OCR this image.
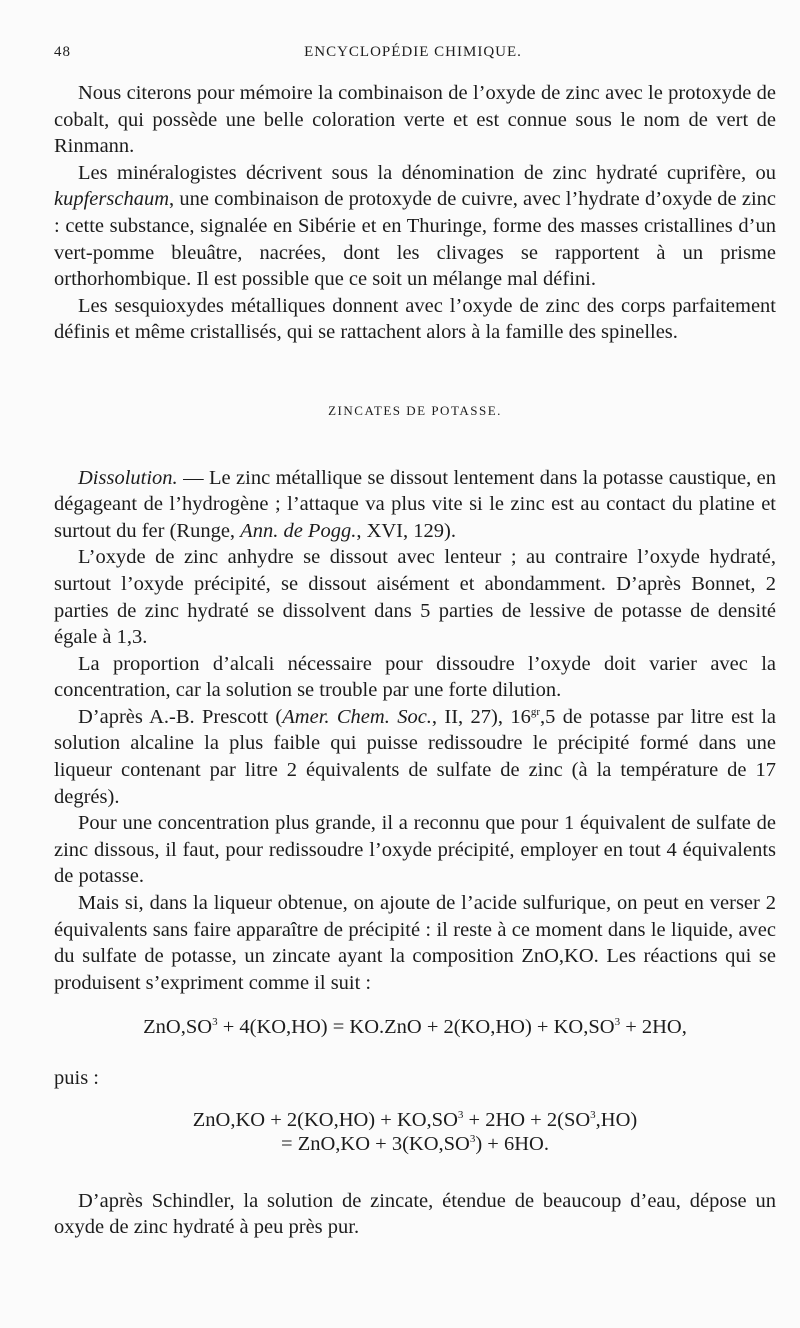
48	ENCYCLOPÉDIE CHIMIQUE.

Nous citerons pour mémoire la combinaison de l’oxyde de zinc avec le protoxyde de cobalt, qui possède une belle coloration verte et est connue sous le nom de vert de Rinmann.

Les minéralogistes décrivent sous la dénomination de zinc hydraté cuprifère, ou kupferschaum, une combinaison de protoxyde de cuivre, avec l’hydrate d’oxyde de zinc : cette substance, signalée en Sibérie et en Thuringe, forme des masses cristallines d’un vert-pomme bleuâtre, nacrées, dont les clivages se rapportent à un prisme orthorhombique. Il est possible que ce soit un mélange mal défini.

Les sesquioxydes métalliques donnent avec l’oxyde de zinc des corps parfaitement définis et même cristallisés, qui se rattachent alors à la famille des spinelles.

ZINCATES DE POTASSE.

Dissolution. — Le zinc métallique se dissout lentement dans la potasse caustique, en dégageant de l’hydrogène ; l’attaque va plus vite si le zinc est au contact du platine et surtout du fer (Runge, Ann. de Pogg., XVI, 129).

L’oxyde de zinc anhydre se dissout avec lenteur ; au contraire l’oxyde hydraté, surtout l’oxyde précipité, se dissout aisément et abondamment. D’après Bonnet, 2 parties de zinc hydraté se dissolvent dans 5 parties de lessive de potasse de densité égale à 1,3.

La proportion d’alcali nécessaire pour dissoudre l’oxyde doit varier avec la concentration, car la solution se trouble par une forte dilution.

D’après A.-B. Prescott (Amer. Chem. Soc., II, 27), $16^{gr},5$ de potasse par litre est la solution alcaline la plus faible qui puisse redissoudre le précipité formé dans une liqueur contenant par litre 2 équivalents de sulfate de zinc (à la température de 17 degrés).

Pour une concentration plus grande, il a reconnu que pour 1 équivalent de sulfate de zinc dissous, il faut, pour redissoudre l’oxyde précipité, employer en tout 4 équivalents de potasse.

Mais si, dans la liqueur obtenue, on ajoute de l’acide sulfurique, on peut en verser 2 équivalents sans faire apparaître de précipité : il reste à ce moment dans le liquide, avec du sulfate de potasse, un zincate ayant la composition ZnO,KO. Les réactions qui se produisent s’expriment comme il suit :

$ZnO,SO^3 + 4(KO,HO) = KO.ZnO + 2(KO,HO) + KO,SO^3 + 2HO$,

puis :

$ZnO,KO + 2(KO,HO) + KO,SO^3 + 2HO + 2(SO^3,HO)$
= $ZnO,KO + 3(KO,SO^3) + 6HO$.

D’après Schindler, la solution de zincate, étendue de beaucoup d’eau, dépose un oxyde de zinc hydraté à peu près pur.
